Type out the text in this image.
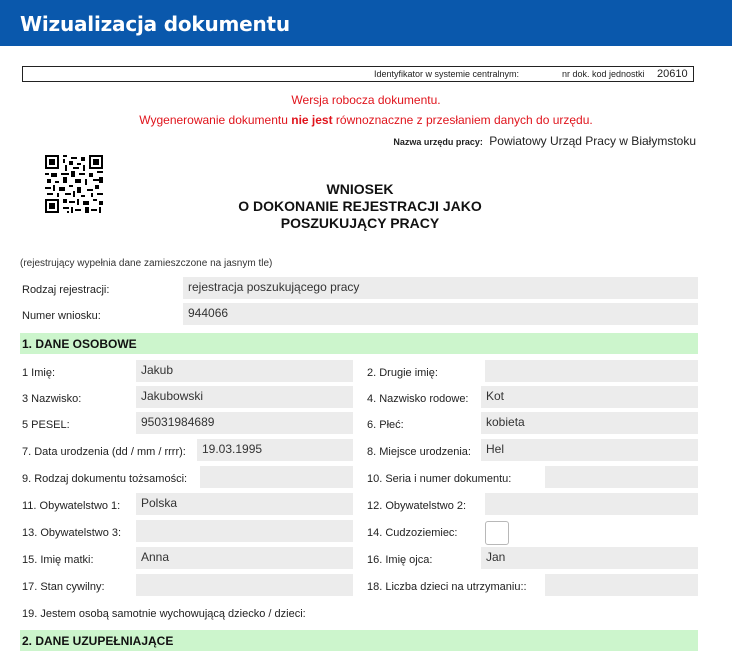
Wizualizacja dokumentu
Identyfikator w systemie centralnym:	nr dok. kod jednostki 20610
Wersja robocza dokumentu.
Wygenerowanie dokumentu nie jest równoznaczne z przesłaniem danych do urzędu.
Nazwa urzędu pracy: Powiatowy Urząd Pracy w Białymstoku
WNIOSEK
O DOKONANIE REJESTRACJI JAKO
POSZUKUJĄCY PRACY
(rejestrujący wypełnia dane zamieszczone na jasnym tle)
Rodzaj rejestracji:	rejestracja poszukującego pracy
Numer wniosku:	944066
1. DANE OSOBOWE
1 Imię:	Jakub	2. Drugie imię:
3 Nazwisko:	Jakubowski	4. Nazwisko rodowe:	Kot
5 PESEL:	95031984689	6. Płeć:	kobieta
7. Data urodzenia (dd / mm / rrrr):	19.03.1995	8. Miejsce urodzenia:	Hel
9. Rodzaj dokumentu tożsamości:	10. Seria i numer dokumentu:
11. Obywatelstwo 1:	Polska	12. Obywatelstwo 2:
13. Obywatelstwo 3:	14. Cudzoziemiec:
15. Imię matki:	Anna	16. Imię ojca:	Jan
17. Stan cywilny:	18. Liczba dzieci na utrzymaniu::
19. Jestem osobą samotnie wychowującą dziecko / dzieci:
2. DANE UZUPEŁNIAJĄCE
